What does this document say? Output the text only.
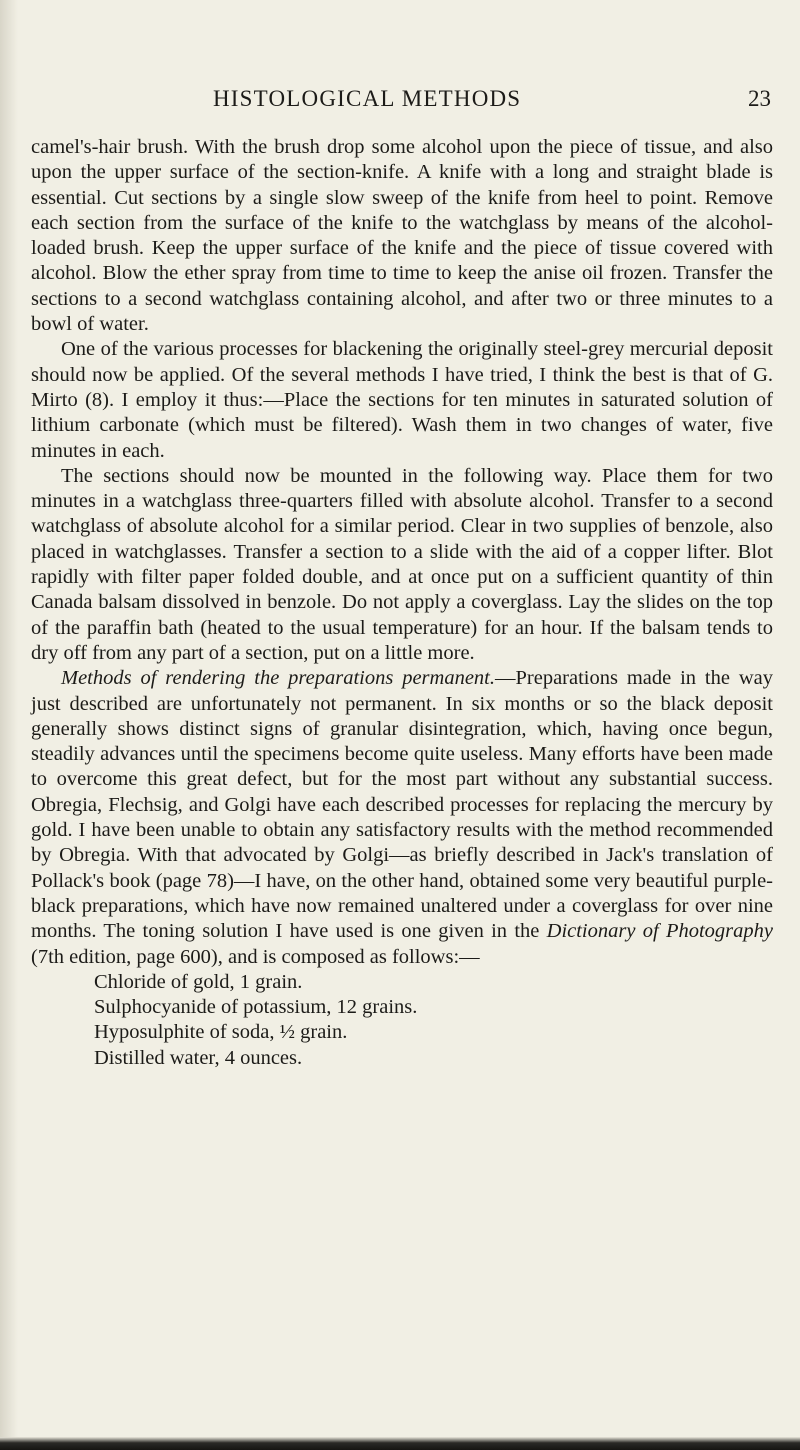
HISTOLOGICAL METHODS	23

camel's-hair brush. With the brush drop some alcohol upon the piece of tissue, and also upon the upper surface of the section-knife. A knife with a long and straight blade is essential. Cut sections by a single slow sweep of the knife from heel to point. Remove each section from the surface of the knife to the watchglass by means of the alcohol-loaded brush. Keep the upper surface of the knife and the piece of tissue covered with alcohol. Blow the ether spray from time to time to keep the anise oil frozen. Transfer the sections to a second watchglass containing alcohol, and after two or three minutes to a bowl of water.

One of the various processes for blackening the originally steel-grey mercurial deposit should now be applied. Of the several methods I have tried, I think the best is that of G. Mirto (8). I employ it thus:—Place the sections for ten minutes in saturated solution of lithium carbonate (which must be filtered). Wash them in two changes of water, five minutes in each.

The sections should now be mounted in the following way. Place them for two minutes in a watchglass three-quarters filled with absolute alcohol. Transfer to a second watchglass of absolute alcohol for a similar period. Clear in two supplies of benzole, also placed in watchglasses. Transfer a section to a slide with the aid of a copper lifter. Blot rapidly with filter paper folded double, and at once put on a sufficient quantity of thin Canada balsam dissolved in benzole. Do not apply a coverglass. Lay the slides on the top of the paraffin bath (heated to the usual temperature) for an hour. If the balsam tends to dry off from any part of a section, put on a little more.

Methods of rendering the preparations permanent.—Preparations made in the way just described are unfortunately not permanent. In six months or so the black deposit generally shows distinct signs of granular disintegration, which, having once begun, steadily advances until the specimens become quite useless. Many efforts have been made to overcome this great defect, but for the most part without any substantial success. Obregia, Flechsig, and Golgi have each described processes for replacing the mercury by gold. I have been unable to obtain any satisfactory results with the method recommended by Obregia. With that advocated by Golgi—as briefly described in Jack's translation of Pollack's book (page 78)—I have, on the other hand, obtained some very beautiful purple-black preparations, which have now remained unaltered under a coverglass for over nine months. The toning solution I have used is one given in the Dictionary of Photography (7th edition, page 600), and is composed as follows:—

Chloride of gold, 1 grain.
Sulphocyanide of potassium, 12 grains.
Hyposulphite of soda, ½ grain.
Distilled water, 4 ounces.
